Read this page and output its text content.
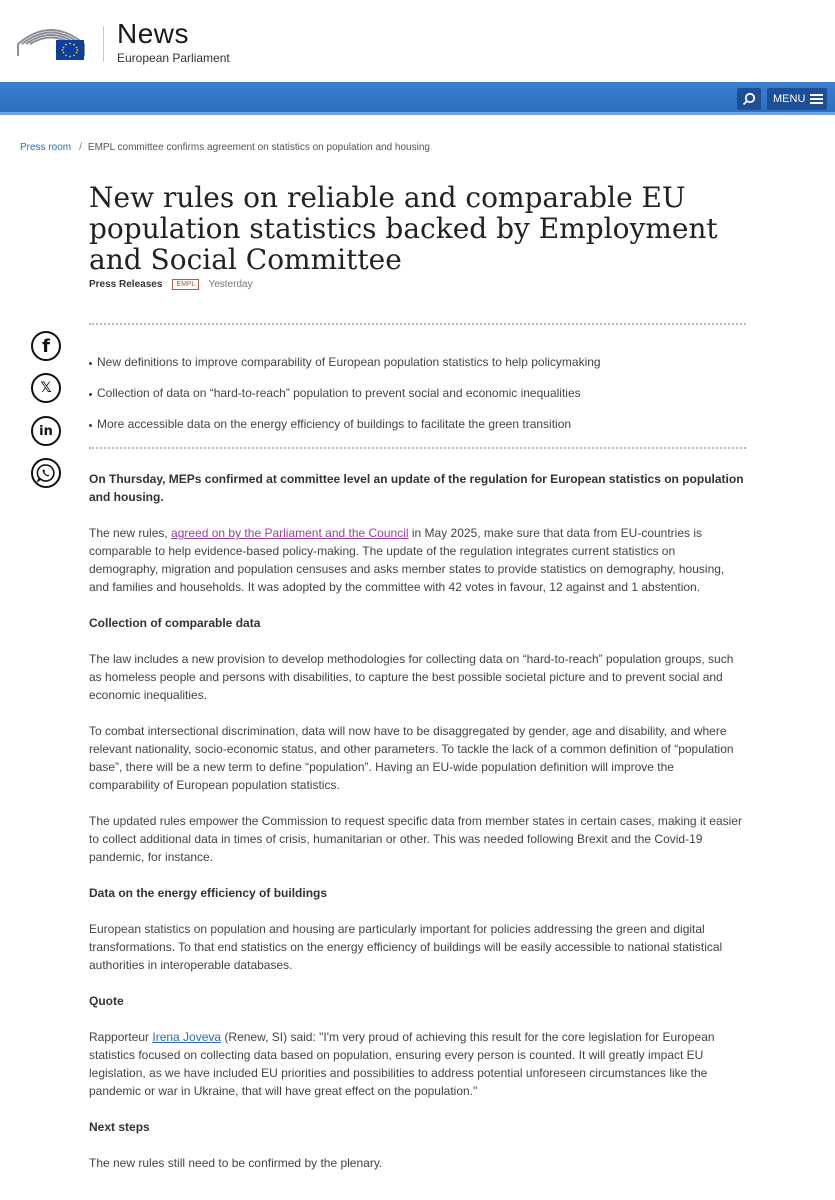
News
European Parliament
MENU
Press room / EMPL committee confirms agreement on statistics on population and housing
New rules on reliable and comparable EU population statistics backed by Employment and Social Committee
Press Releases	EMPL	Yesterday
f
𝕏
in
New definitions to improve comparability of European population statistics to help policymaking
Collection of data on “hard-to-reach” population to prevent social and economic inequalities
More accessible data on the energy efficiency of buildings to facilitate the green transition

On Thursday, MEPs confirmed at committee level an update of the regulation for European statistics on population and housing.

The new rules, agreed on by the Parliament and the Council in May 2025, make sure that data from EU-countries is comparable to help evidence-based policy-making. The update of the regulation integrates current statistics on demography, migration and population censuses and asks member states to provide statistics on demography, housing, and families and households. It was adopted by the committee with 42 votes in favour, 12 against and 1 abstention.

Collection of comparable data

The law includes a new provision to develop methodologies for collecting data on “hard-to-reach” population groups, such as homeless people and persons with disabilities, to capture the best possible societal picture and to prevent social and economic inequalities.

To combat intersectional discrimination, data will now have to be disaggregated by gender, age and disability, and where relevant nationality, socio-economic status, and other parameters. To tackle the lack of a common definition of “population base”, there will be a new term to define “population”. Having an EU-wide population definition will improve the comparability of European population statistics.

The updated rules empower the Commission to request specific data from member states in certain cases, making it easier to collect additional data in times of crisis, humanitarian or other. This was needed following Brexit and the Covid-19 pandemic, for instance.

Data on the energy efficiency of buildings

European statistics on population and housing are particularly important for policies addressing the green and digital transformations. To that end statistics on the energy efficiency of buildings will be easily accessible to national statistical authorities in interoperable databases.

Quote

Rapporteur Irena Joveva (Renew, SI) said: "I'm very proud of achieving this result for the core legislation for European statistics focused on collecting data based on population, ensuring every person is counted. It will greatly impact EU legislation, as we have included EU priorities and possibilities to address potential unforeseen circumstances like the pandemic or war in Ukraine, that will have great effect on the population."

Next steps

The new rules still need to be confirmed by the plenary.
